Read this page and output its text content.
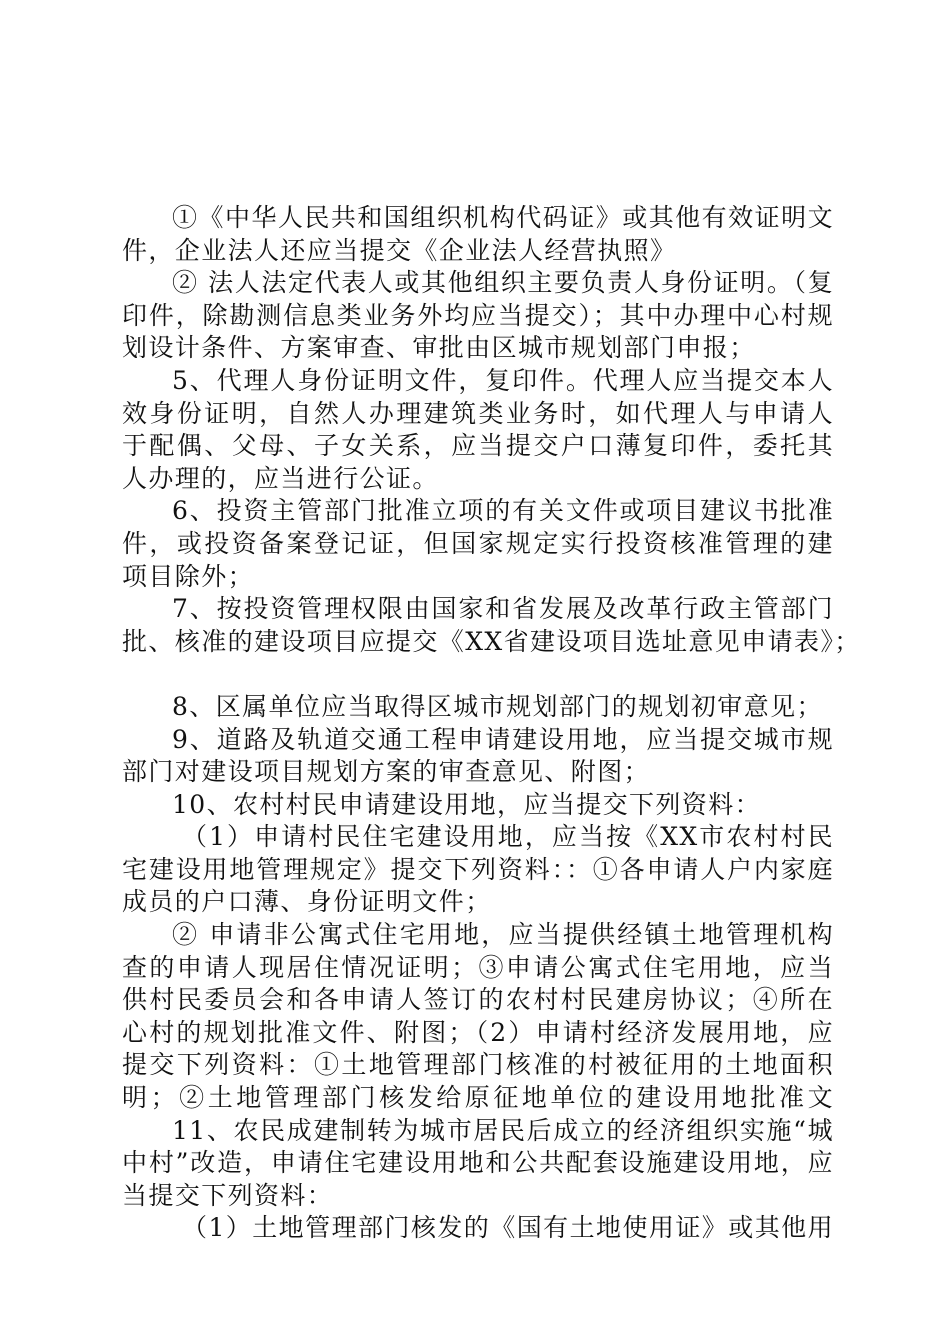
①《中华人民共和国组织机构代码证》或其他有效证明文
件，企业法人还应当提交《企业法人经营执照》
② 法人法定代表人或其他组织主要负责人身份证明。（复
印件，除勘测信息类业务外均应当提交）；其中办理中心村规
划设计条件、方案审查、审批由区城市规划部门申报；
5、代理人身份证明文件，复印件。代理人应当提交本人
效身份证明，自然人办理建筑类业务时，如代理人与申请人
于配偶、父母、子女关系，应当提交户口薄复印件，委托其
人办理的，应当进行公证。
6、投资主管部门批准立项的有关文件或项目建议书批准
件，或投资备案登记证，但国家规定实行投资核准管理的建
项目除外；
7、按投资管理权限由国家和省发展及改革行政主管部门
批、核准的建设项目应提交《XX省建设项目选址意见申请表》；
8、区属单位应当取得区城市规划部门的规划初审意见；
9、道路及轨道交通工程申请建设用地，应当提交城市规
部门对建设项目规划方案的审查意见、附图；
10、农村村民申请建设用地，应当提交下列资料：
（1）申请村民住宅建设用地，应当按《XX市农村村民
宅建设用地管理规定》提交下列资料：：①各申请人户内家庭
成员的户口薄、身份证明文件；
② 申请非公寓式住宅用地，应当提供经镇土地管理机构
查的申请人现居住情况证明；③申请公寓式住宅用地，应当
供村民委员会和各申请人签订的农村村民建房协议；④所在
心村的规划批准文件、附图；（2）申请村经济发展用地，应
提交下列资料：①土地管理部门核准的村被征用的土地面积
明；②土地管理部门核发给原征地单位的建设用地批准文
11、农民成建制转为城市居民后成立的经济组织实施“城
中村”改造，申请住宅建设用地和公共配套设施建设用地，应
当提交下列资料：
（1）土地管理部门核发的《国有土地使用证》或其他用
